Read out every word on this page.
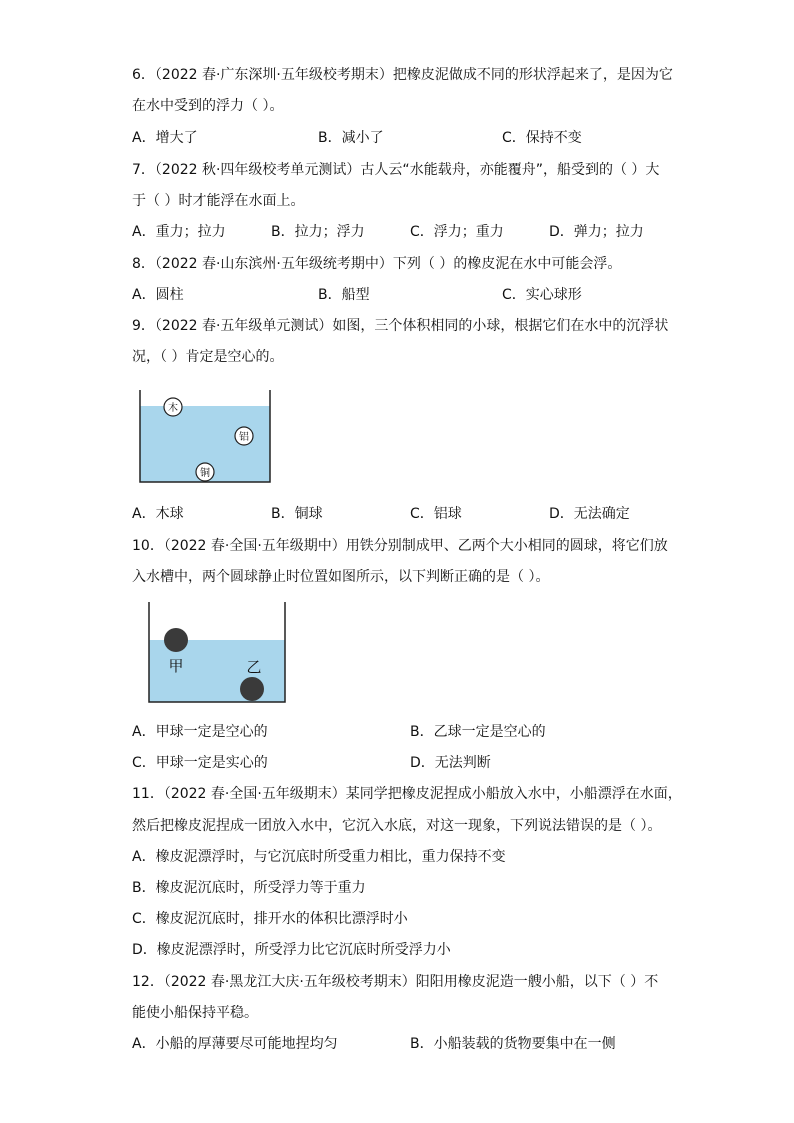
6．（2022 春·广东深圳·五年级校考期末）把橡皮泥做成不同的形状浮起来了，是因为它
在水中受到的浮力（ ）。
A．增大了	B．减小了	C．保持不变
7．（2022 秋·四年级校考单元测试）古人云“水能载舟，亦能覆舟”，船受到的（ ）大
于（ ）时才能浮在水面上。
A．重力；拉力	B．拉力；浮力	C．浮力；重力	D．弹力；拉力
8．（2022 春·山东滨州·五年级统考期中）下列（ ）的橡皮泥在水中可能会浮。
A．圆柱	B．船型	C．实心球形
9．（2022 春·五年级单元测试）如图，三个体积相同的小球，根据它们在水中的沉浮状
况，（ ）肯定是空心的。
木
铝
铜
A．木球	B．铜球	C．铝球	D．无法确定
10．（2022 春·全国·五年级期中）用铁分别制成甲、乙两个大小相同的圆球，将它们放
入水槽中，两个圆球静止时位置如图所示，以下判断正确的是（ ）。
甲	乙
A．甲球一定是空心的	B．乙球一定是空心的
C．甲球一定是实心的	D．无法判断
11．（2022 春·全国·五年级期末）某同学把橡皮泥捏成小船放入水中，小船漂浮在水面，
然后把橡皮泥捏成一团放入水中，它沉入水底，对这一现象，下列说法错误的是（ ）。
A．橡皮泥漂浮时，与它沉底时所受重力相比，重力保持不变
B．橡皮泥沉底时，所受浮力等于重力
C．橡皮泥沉底时，排开水的体积比漂浮时小
D．橡皮泥漂浮时，所受浮力比它沉底时所受浮力小
12．（2022 春·黑龙江大庆·五年级校考期末）阳阳用橡皮泥造一艘小船，以下（ ）不
能使小船保持平稳。
A．小船的厚薄要尽可能地捏均匀	B．小船装载的货物要集中在一侧
